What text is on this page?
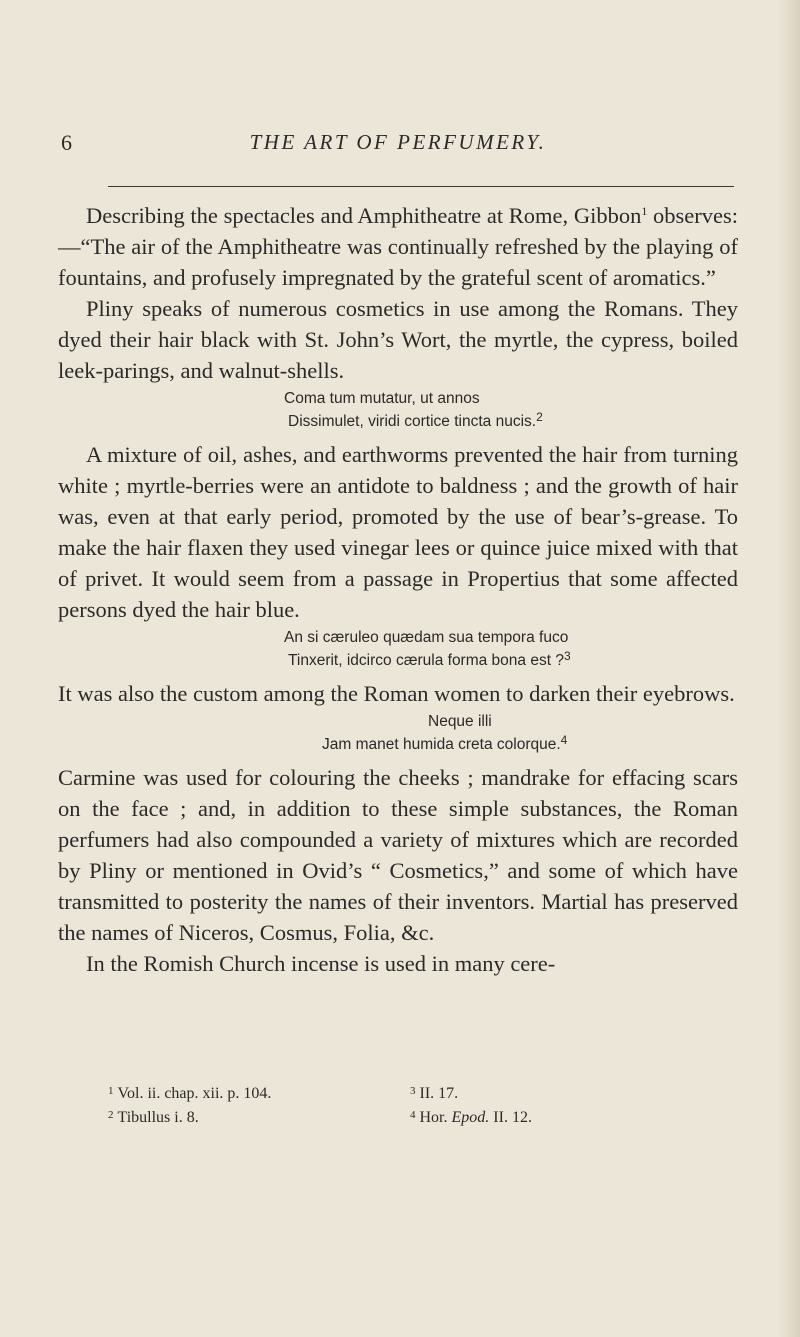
6	THE ART OF PERFUMERY.

Describing the spectacles and Amphitheatre at Rome, Gibbon$^1$ observes:—“The air of the Amphitheatre was continually refreshed by the playing of fountains, and profusely impregnated by the grateful scent of aromatics.”

Pliny speaks of numerous cosmetics in use among the Romans. They dyed their hair black with St. John’s Wort, the myrtle, the cypress, boiled leek-parings, and walnut-shells.

Coma tum mutatur, ut annos
Dissimulet, viridi cortice tincta nucis.$^2$

A mixture of oil, ashes, and earthworms prevented the hair from turning white ; myrtle-berries were an antidote to baldness ; and the growth of hair was, even at that early period, promoted by the use of bear’s-grease. To make the hair flaxen they used vinegar lees or quince juice mixed with that of privet. It would seem from a passage in Propertius that some affected persons dyed the hair blue.

An si cæruleo quædam sua tempora fuco
Tinxerit, idcirco cærula forma bona est ?$^3$

It was also the custom among the Roman women to darken their eyebrows.

Neque illi
Jam manet humida creta colorque.$^4$

Carmine was used for colouring the cheeks ; mandrake for effacing scars on the face ; and, in addition to these simple substances, the Roman perfumers had also compounded a variety of mixtures which are recorded by Pliny or mentioned in Ovid’s “ Cosmetics,” and some of which have transmitted to posterity the names of their inventors. Martial has preserved the names of Niceros, Cosmus, Folia, &c.

In the Romish Church incense is used in many cere-

$^1$ Vol. ii. chap. xii. p. 104.
$^2$ Tibullus i. 8.
$^3$ II. 17.
$^4$ Hor. Epod. II. 12.
